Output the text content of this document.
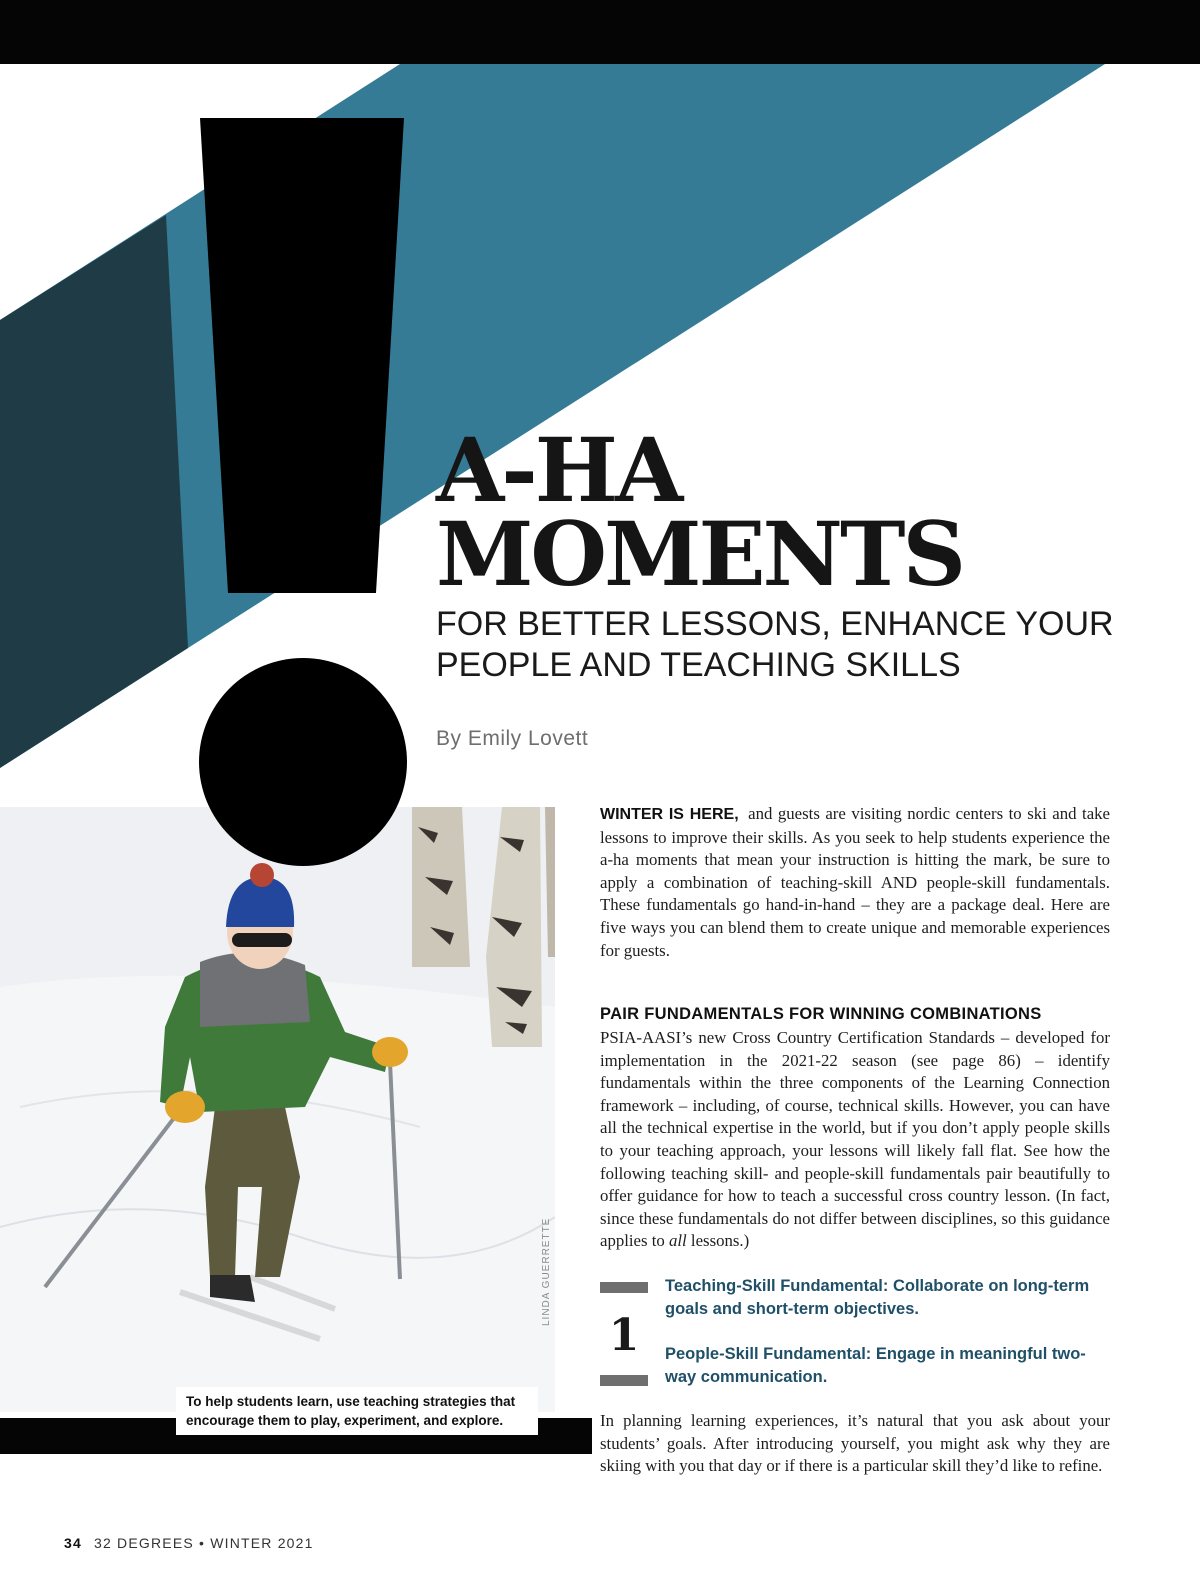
LINDA GUERRETTE
To help students learn, use teaching strategies that encourage them to play, experiment, and explore.
A-HA
MOMENTS
FOR BETTER LESSONS, ENHANCE YOUR PEOPLE AND TEACHING SKILLS
By Emily Lovett

WINTER IS HERE, and guests are visiting nordic centers to ski and take lessons to improve their skills. As you seek to help students experience the a-ha moments that mean your instruction is hitting the mark, be sure to apply a combination of teaching-skill AND people-skill fundamentals. These fundamentals go hand-in-hand – they are a package deal. Here are five ways you can blend them to create unique and memorable experiences for guests.

PAIR FUNDAMENTALS FOR WINNING COMBINATIONS

PSIA-AASI’s new Cross Country Certification Standards – developed for implementation in the 2021-22 season (see page 86) – identify fundamentals within the three components of the Learning Connection framework – including, of course, technical skills. However, you can have all the technical expertise in the world, but if you don’t apply people skills to your teaching approach, your lessons will likely fall flat. See how the following teaching skill- and people-skill fundamentals pair beautifully to offer guidance for how to teach a successful cross country lesson. (In fact, since these fundamentals do not differ between disciplines, so this guidance applies to all lessons.)

1

Teaching-Skill Fundamental: Collaborate on long-term goals and short-term objectives.

People-Skill Fundamental: Engage in meaningful two-way communication.

In planning learning experiences, it’s natural that you ask about your students’ goals. After introducing yourself, you might ask why they are skiing with you that day or if there is a particular skill they’d like to refine.

34 32 DEGREES • WINTER 2021
